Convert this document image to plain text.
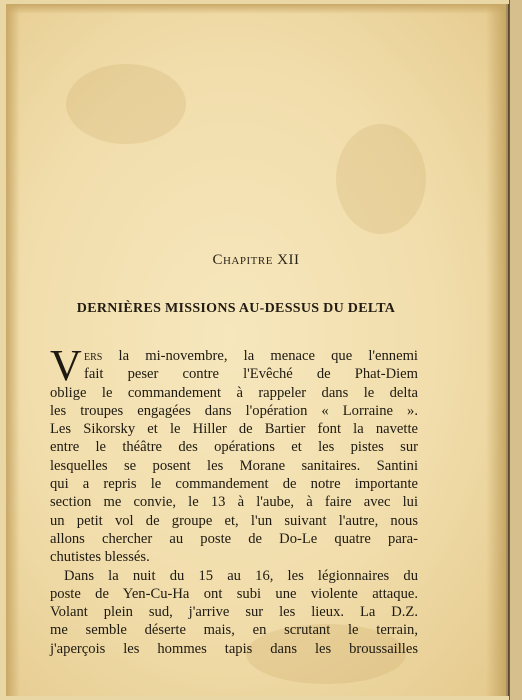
Chapitre XII
DERNIÈRES MISSIONS AU-DESSUS DU DELTA
V ers la mi-novembre, la menace que l'ennemi
fait peser contre l'Evêché de Phat-Diem
oblige le commandement à rappeler dans le delta
les troupes engagées dans l'opération « Lorraine ».
Les Sikorsky et le Hiller de Bartier font la navette
entre le théâtre des opérations et les pistes sur
lesquelles se posent les Morane sanitaires. Santini
qui a repris le commandement de notre importante
section me convie, le 13 à l'aube, à faire avec lui
un petit vol de groupe et, l'un suivant l'autre, nous
allons chercher au poste de Do-Le quatre para-
chutistes blessés.
Dans la nuit du 15 au 16, les légionnaires du
poste de Yen-Cu-Ha ont subi une violente attaque.
Volant plein sud, j'arrive sur les lieux. La D.Z.
me semble déserte mais, en scrutant le terrain,
j'aperçois les hommes tapis dans les broussailles
